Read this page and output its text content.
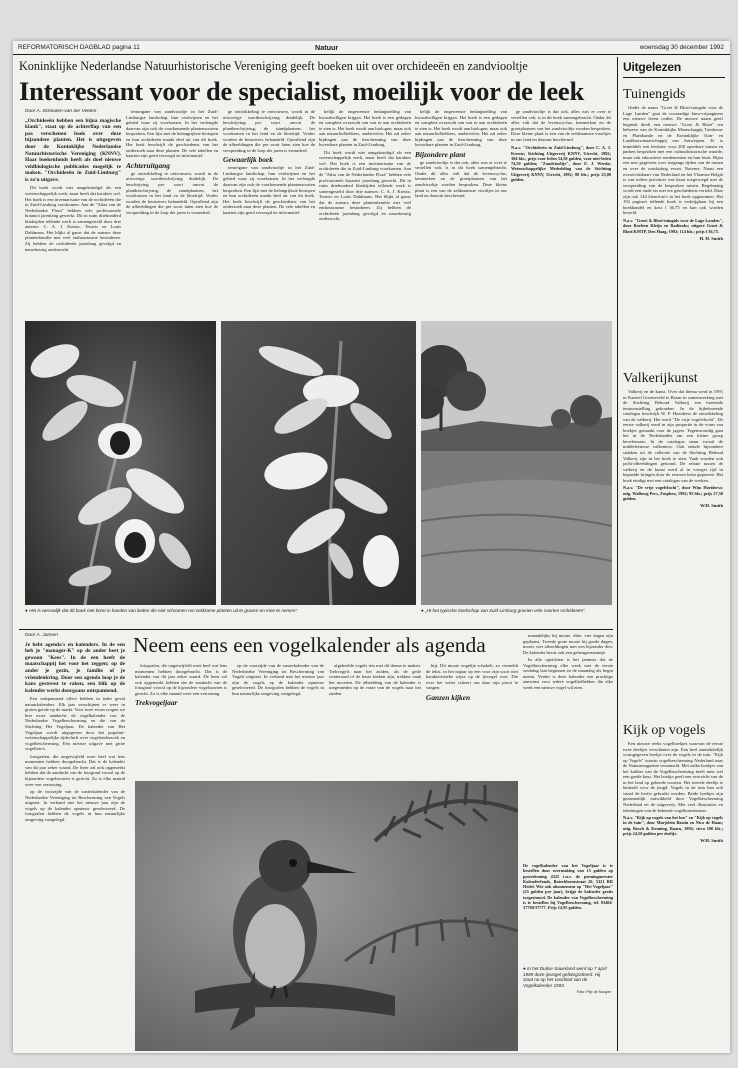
REFORMATORISCH DAGBLAD pagina 11	Natuur	woensdag 30 december 1992
Koninklijke Nederlandse Natuurhistorische Vereniging geeft boeken uit over orchideeën en zandviooltje
Interessant voor de specialist, moeilijk voor de leek

Door A. Schouten-van der Velden

„Orchideeën hebben een bijna magische klank", staat op de achterflap van een pas verschenen boek over deze bijzondere planten. Het is uitgegeven door de Koninklijke Nederlandse Natuurhistorische Vereniging (KNNV). Haar boekenfonds heeft als doel nieuwe veldbiologische publicaties mogelijk te maken. "Orchideeën in Zuid-Limburg" is zo'n uitgave.

Dit boek wordt niet aangekondigd als een wetenschappelijk werk, maar heeft dat karakter wel. Het boek is een inventarisatie van de orchideeën die in Zuid-Limburg voorkomen. Aan de "Atlas van de Nederlandse Flora" hebben vele professionele botanici jarenlang gewerkt. Dit in ruim driehonderd bladzijden tellende werk is samengesteld door drie auteurs: C. A. J. Kreutz, Teuwis en Louis Dahlmans. Het blijkt al gauw dat de auteurs deze plantenfamilie met veel enthousiasme bestuderen. Zij hebben de orchideeën jarenlang gevolgd en nauwkeurig onderzocht.

tenseigane van zandviooltje in het Zuid-Limburgse landschap, hun verdwijnen en het gebied waar zij voorkomen. In het verlengde daarvan zijn ook de voorkomende plantensoorten besproken. Een lijst met de belangrijkste biotopen en hun orchideeën maakt deel uit van dit boek. Het boek beschrijft de geschiedenis van het onderzoek naar deze planten. De vele tabellen en kaarten zijn goed verzorgd en informatief.

Achteruitgang

ge ontwikkeling te ontvouwen, wordt in de uitvoerige soortbeschrijving duidelijk. De beschrijving per soort omvat de plantbeschrijving, de standplaatsen, het voorkomen in het land en de bloeitijd. Verder worden de bestuivers behandeld. Opvallend zijn de afbeeldingen die per soort laten zien hoe de verspreiding in de loop der jaren is veranderd.

ge ontwikkeling te ontvouwen, wordt in de uitvoerige soortbeschrijving duidelijk. De beschrijving per soort omvat de plantbeschrijving, de standplaatsen, het voorkomen in het land en de bloeitijd. Verder worden de bestuivers behandeld. Opvallend zijn de afbeeldingen die per soort laten zien hoe de verspreiding in de loop der jaren is veranderd.

Gewaarlijk boek

tenseigane van zandviooltje in het Zuid-Limburgse landschap, hun verdwijnen en het gebied waar zij voorkomen. In het verlengde daarvan zijn ook de voorkomende plantensoorten besproken. Een lijst met de belangrijkste biotopen en hun orchideeën maakt deel uit van dit boek. Het boek beschrijft de geschiedenis van het onderzoek naar deze planten. De vele tabellen en kaarten zijn goed verzorgd en informatief.

kelijk de ongewenste belangstelling van kwaadwilligen krijgen. Het boek is een gedegen en complete overzicht van wat er aan orchideeën te zien is. Het boek wordt aan biologen, maar ook aan natuurliefhebbers, aanbevolen. Het zal zeker bijdragen aan de bescherming van deze kwetsbare planten in Zuid-Limburg.

Dit boek wordt niet aangekondigd als een wetenschappelijk werk, maar heeft dat karakter wel. Het boek is een inventarisatie van de orchideeën die in Zuid-Limburg voorkomen. Aan de "Atlas van de Nederlandse Flora" hebben vele professionele botanici jarenlang gewerkt. Dit in ruim driehonderd bladzijden tellende werk is samengesteld door drie auteurs: C. A. J. Kreutz, Teuwis en Louis Dahlmans. Het blijkt al gauw dat de auteurs deze plantenfamilie met veel enthousiasme bestuderen. Zij hebben de orchideeën jarenlang gevolgd en nauwkeurig onderzocht.

kelijk de ongewenste belangstelling van kwaadwilligen krijgen. Het boek is een gedegen en complete overzicht van wat er aan orchideeën te zien is. Het boek wordt aan biologen, maar ook aan natuurliefhebbers, aanbevolen. Het zal zeker bijdragen aan de bescherming van deze kwetsbare planten in Zuid-Limburg.

Bijzondere plant

ge zandviooltje is dat ook, alles was er over te vertellen valt, is in dit boek samengebracht. Onder dit alles valt dat de levenscyclus, kenmerken en de groeiplaatsen van het zandviooltje worden besproken. Deze kleine plant is een van de zeldzaamste viooltjes in ons land en daarom beschermd.

ge zandviooltje is dat ook, alles was er over te vertellen valt, is in dit boek samengebracht. Onder dit alles valt dat de levenscyclus, kenmerken en de groeiplaatsen van het zandviooltje worden besproken. Deze kleine plant is een van de zeldzaamste viooltjes in ons land en daarom beschermd.

N.a.v. "Orchideeën in Zuid-Limburg", door C. A. J. Kreutz; Stichting Uitgeverij KNNV, Utrecht, 1992; 304 blz.; prijs voor leden 54,50 gulden, voor niet-leden 74,50 gulden; "Zandviooltje", door E. J. Weeda; Wetenschappelijke Mededeling van de Stichting Uitgeverij KNNV, Utrecht, 1992; 88 blz.; prijs 23,00 gulden.

● Het is wenselijk dat dit boek niet komt in handen van lieden die niet schromen om zeldzame planten uit te graven en mee te nemen".	● „Ht het typische landschap van Zuid-Limburg groeien vele soorten orchideeën".

Door A. Jansen

Je hebt agenda's en kalenders. In de een heb je "manager-K" op de ander heet je gewoon "Kees". In de een heeft de maatschappij het voor het zeggen; op de ander je gezin, je familie of je vriendenkring. Door een agenda loop je de kans gestresst te raken, een blik op de kalender werkt doorgaans ontspannend.

Een ontspannend effect hebben in ieder geval natuurkalenders. Elk jaar verschijnen er weer in groten getale op de markt. Voor twee ervan vragen we hier extra aandacht: de vogelkalender van de Nederlandse Vogelbescherming en die van de Stichting Het Vogeljaar. De kalender van Het Vogeljaar wordt uitgegeven door het populair-wetenschappelijke tijdschrift over vogelonderzoek en vogelbescherming. Eén nieuwe uitgave met grote vogelfoto's.

fotografen, die ongetwijfeld weer heel wat lens momenten hebben doorgebracht. Dat is de kalender van dit jaar zeker waard. De lezer zal ook opgemerkt hebben dat de aandacht van de fotograaf vooral op de bijzondere vogelsoorten is gericht. Zo is elke maand weer een verrassing.

op de voorzijde van de zusterkalender van de Nederlandse Vereniging tot Bescherming van Vogels uitgezet. In verband met het nieuwe jaar zijn de vogels op de kalender opnieuw geselecteerd. De fotografen hebben de vogels in hun natuurlijke omgeving vastgelegd.

Neem eens een vogelkalender als agenda

fotografen, die ongetwijfeld weer heel wat lens momenten hebben doorgebracht. Dat is de kalender van dit jaar zeker waard. De lezer zal ook opgemerkt hebben dat de aandacht van de fotograaf vooral op de bijzondere vogelsoorten is gericht. Zo is elke maand weer een verrassing.

Trekvogeljaar

op de voorzijde van de zusterkalender van de Nederlandse Vereniging tot Bescherming van Vogels uitgezet. In verband met het nieuwe jaar zijn de vogels op de kalender opnieuw geselecteerd. De fotografen hebben de vogels in hun natuurlijke omgeving vastgelegd.

afgebeelde vogels iets met dit thema te maken. Trekvogels naar het zuiden, als de geile winteraard of de beste kieken zijn, trekken vaak het noorden. De afbeelding van de kalender is toegesneden op de route van de vogels naar het zuiden.

bijt. Dit mooie vogeltje schakelt, zo vermeldt de tekst, in het najaar op een voor zijn soort niet karakteristieke wijze op de ijsvogel over. Die over het water scheert om daar zijn prooi te vangen.

Ganzen kijken

maandelijks bij mooie, ditie, vier dagen zijn geplaatst. Tweede grote mooie bij goede dagen, mooie vier afbeeldingen met een bijzonder dier. De kalender bevat ook een geheugensteuntje.

In alle opzichten is het jammer dat de Vogelbescherming elke week met de eerste werkdag laat beginnen en de maandag als begin neemt. Verder is deze kalender een prachtige aanwinst voor iedere vogelliefhebber die elke week een nieuwe vogel wil zien.

De vogelkalender van het Vogeljaar is te bestellen door overmaking van 15 gulden op postrekening 4325 t.n.v. de penningmeester Kalenderfonds, Boterbloemstraat 20, 5321 RR Hedel. Wie ook abonnement op "Het Vogeljaar" (25 gulden per jaar), krijgt de kalender gratis toegestuurd. De kalender van Vogelbescherming is te bestellen bij Vogelbescherming, tel. 03404-37700/37777. Prijs 14,95 gulden.

● In het Duitse Sauerland werd op 7 april 1989 deze ijsvogel gefotografeerd. Hij staat nu op het voorblad van de Vogelkalender 1993.
Foto: Flip de Nooyer
Uitgelezen
Tuinengids

Onder de naam "Groei & Bloei-tuingids voor de Lage Landen" gaat de vooraadige kinu-vrijaagmers een nieuwe leven ooden. De nieuwe naam geeft beginde direlt een nieuwe "Groei & Bloei" ten behoeve van de Koninklijke Maatschappij Tuinbouw en Plantkunde en de Koninklijke Tuin- en Landbouwmaatschappij van Antwerpen. Er is inmiddels een leesbare voor 200 openbare tuinen en parken besproken met een cultuurhistorische waarde, maar ook educatieve rendementen en hun bezit. Bijna een met gegevens over toegangs tijden van de tuinen en over de ontsluiting ervan. Noterne. Naast een overzichtskaart van Nederland en het Vlaamse België is van iedere provincie een kaart toegevoegd met de verspreiding van de besproken tuinen. Regelmatig wordt een oude ets met ere geschiedenis verteld. Daar zijn ook 144 kleurfoto's in het boek opgenomen. Het 192 pagina's tellende boek is verkrijgbaar bij een boekhandel en kost f 36,75 en kan ook worden besteld.

N.a.v. "Groei & Bloei-tuingids voor de Lage Landen", door Roeleen Kleijn en Radionks; uitgave Groei & Bloei/KMTP, Den Haag, 1992; 114 blz.; prijs f 36,75.

H. H. Smith

Valkerijkunst

Valkerij en de kunst. Over dat thema werd in 1991 in Kasteel Groeneveld te Baarn in samenwerking met de Stichting Behoud Valkerij een boeiende tentoonstelling gehouden. In de bijbehorende catalogus beschrijft W. F. Hoeiderss de ontwikkeling van de valkerij. Het werd "De vrije vogelvlucht". De eerste valkerij werd in zijn proportie in de vorm van boekjes gemaakt voor de jagers. Tegenwoordig gaat het in de Nederlanden om een kleine groep beoefenaars. In de catalogus staan vooral de middeleeuwse valkeniers. Ook enkele bijzondere stukken uit de collectie van de Stichting Behoud Valkerij zijn in het boek te zien. Vaak worden ook jacht-afbeeldingen getoond. De relatie tussen de valkerij en de kunst werd al in vroeger tijd in bepaalde kringen door de eeuwen heen geprezen. Het boek eindigt met een catalogus van de werken.

N.a.v. "De vrije vogelvlucht", door Wim Hoeiderss; uitg. Walburg Pers, Zutphen, 1992; 95 blz.; prijs 27,50 gulden.

W.H. Smith

Kijk op vogels

Een nieuwe reeks vogelboekjes waarvan de eerste twee deeltjes verschenen zijn. Een heel aantrekkelijk vormgegeven boekje over de vogels in de tuin. "Kijk op Vogels" waarin vogelbescherming Nederland naar de Natuurmagazine verzameld. Met zulke boekjes van het kaliber van de Vogelbescherming heeft men wel een goede keus. Het boekje geeft een overzicht van de in het land op gekende soorten. Het tweede deeltje is bedoeld voor de jeugd. Vogels in de tuin kan ook vanaf de herfst gebruikt worden. Beide boekjes zijn gezamenlijk ontwikkeld door Vogelbescherming Nederland en de uitgeverij. Met veel illustraties en tekeningen van de bekende vogelkunstenaars.

N.a.v. "Kijk op vogels van het bos" en "Kijk op vogels in de tuin", door Marjolein Bastin en Nico de Haan; uitg. Bosch & Keuning, Baarn, 1992; circa 100 blz.; prijs 24,50 gulden per deeltje.

W.H. Smith
